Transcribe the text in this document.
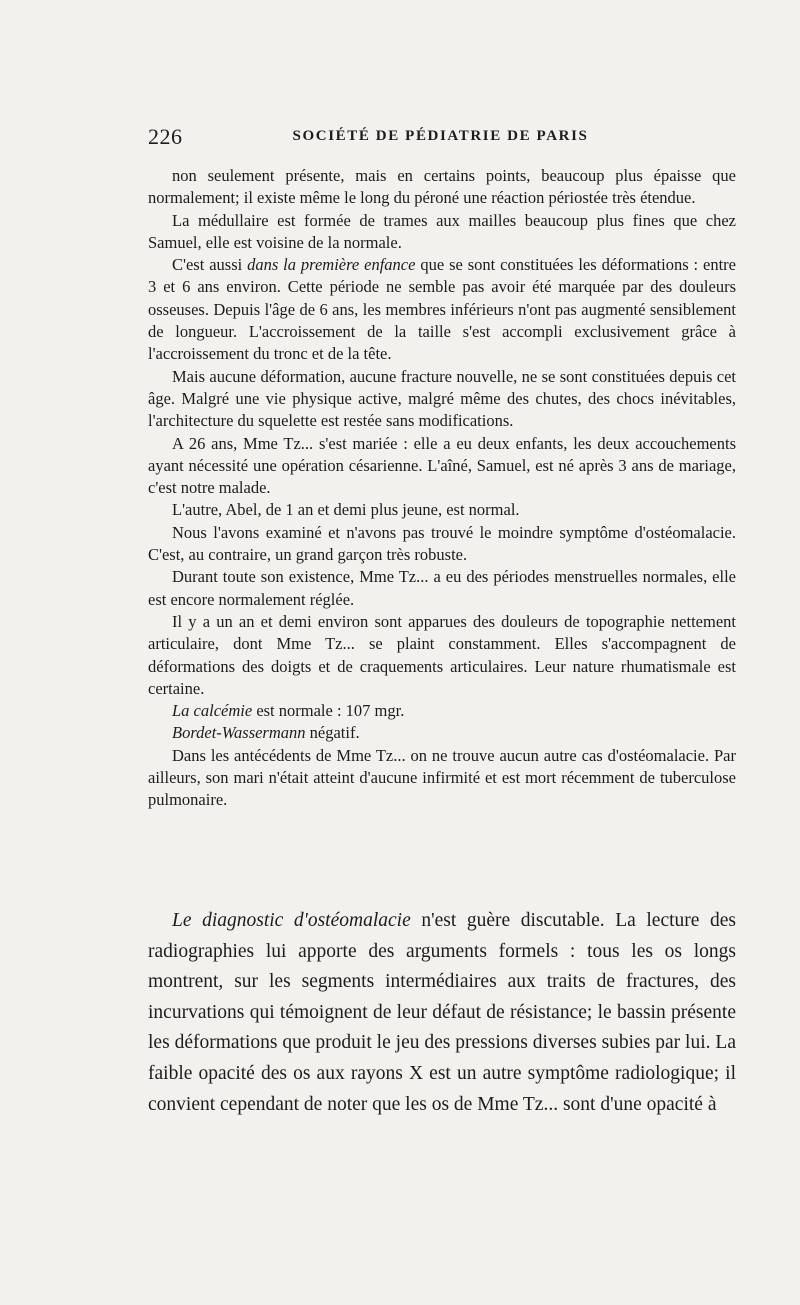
226	SOCIÉTÉ DE PÉDIATRIE DE PARIS

non seulement présente, mais en certains points, beaucoup plus épaisse que normalement; il existe même le long du péroné une réaction périostée très étendue.

La médullaire est formée de trames aux mailles beaucoup plus fines que chez Samuel, elle est voisine de la normale.

C'est aussi dans la première enfance que se sont constituées les déformations : entre 3 et 6 ans environ. Cette période ne semble pas avoir été marquée par des douleurs osseuses. Depuis l'âge de 6 ans, les membres inférieurs n'ont pas augmenté sensiblement de longueur. L'accroissement de la taille s'est accompli exclusivement grâce à l'accroissement du tronc et de la tête.

Mais aucune déformation, aucune fracture nouvelle, ne se sont constituées depuis cet âge. Malgré une vie physique active, malgré même des chutes, des chocs inévitables, l'architecture du squelette est restée sans modifications.

A 26 ans, Mme Tz... s'est mariée : elle a eu deux enfants, les deux accouchements ayant nécessité une opération césarienne. L'aîné, Samuel, est né après 3 ans de mariage, c'est notre malade.

L'autre, Abel, de 1 an et demi plus jeune, est normal.

Nous l'avons examiné et n'avons pas trouvé le moindre symptôme d'ostéomalacie. C'est, au contraire, un grand garçon très robuste.

Durant toute son existence, Mme Tz... a eu des périodes menstruelles normales, elle est encore normalement réglée.

Il y a un an et demi environ sont apparues des douleurs de topographie nettement articulaire, dont Mme Tz... se plaint constamment. Elles s'accompagnent de déformations des doigts et de craquements articulaires. Leur nature rhumatismale est certaine.

La calcémie est normale : 107 mgr.

Bordet-Wassermann négatif.

Dans les antécédents de Mme Tz... on ne trouve aucun autre cas d'ostéomalacie. Par ailleurs, son mari n'était atteint d'aucune infirmité et est mort récemment de tuberculose pulmonaire.

Le diagnostic d'ostéomalacie n'est guère discutable. La lecture des radiographies lui apporte des arguments formels : tous les os longs montrent, sur les segments intermédiaires aux traits de fractures, des incurvations qui témoignent de leur défaut de résistance; le bassin présente les déformations que produit le jeu des pressions diverses subies par lui. La faible opacité des os aux rayons X est un autre symptôme radiologique; il convient cependant de noter que les os de Mme Tz... sont d'une opacité à
